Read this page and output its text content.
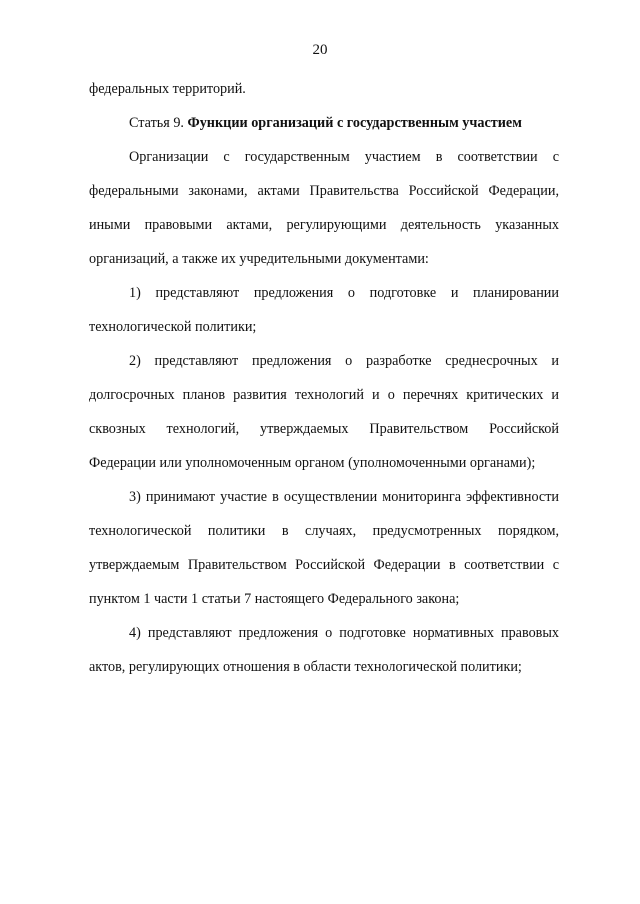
20

федеральных территорий.

Статья 9. Функции организаций с государственным участием

Организации с государственным участием в соответствии с федеральными законами, актами Правительства Российской Федерации, иными правовыми актами, регулирующими деятельность указанных организаций, а также их учредительными документами:

1) представляют предложения о подготовке и планировании технологической политики;

2) представляют предложения о разработке среднесрочных и долгосрочных планов развития технологий и о перечнях критических и сквозных технологий, утверждаемых Правительством Российской Федерации или уполномоченным органом (уполномоченными органами);

3) принимают участие в осуществлении мониторинга эффективности технологической политики в случаях, предусмотренных порядком, утверждаемым Правительством Российской Федерации в соответствии с пунктом 1 части 1 статьи 7 настоящего Федерального закона;

4) представляют предложения о подготовке нормативных правовых актов, регулирующих отношения в области технологической политики;
